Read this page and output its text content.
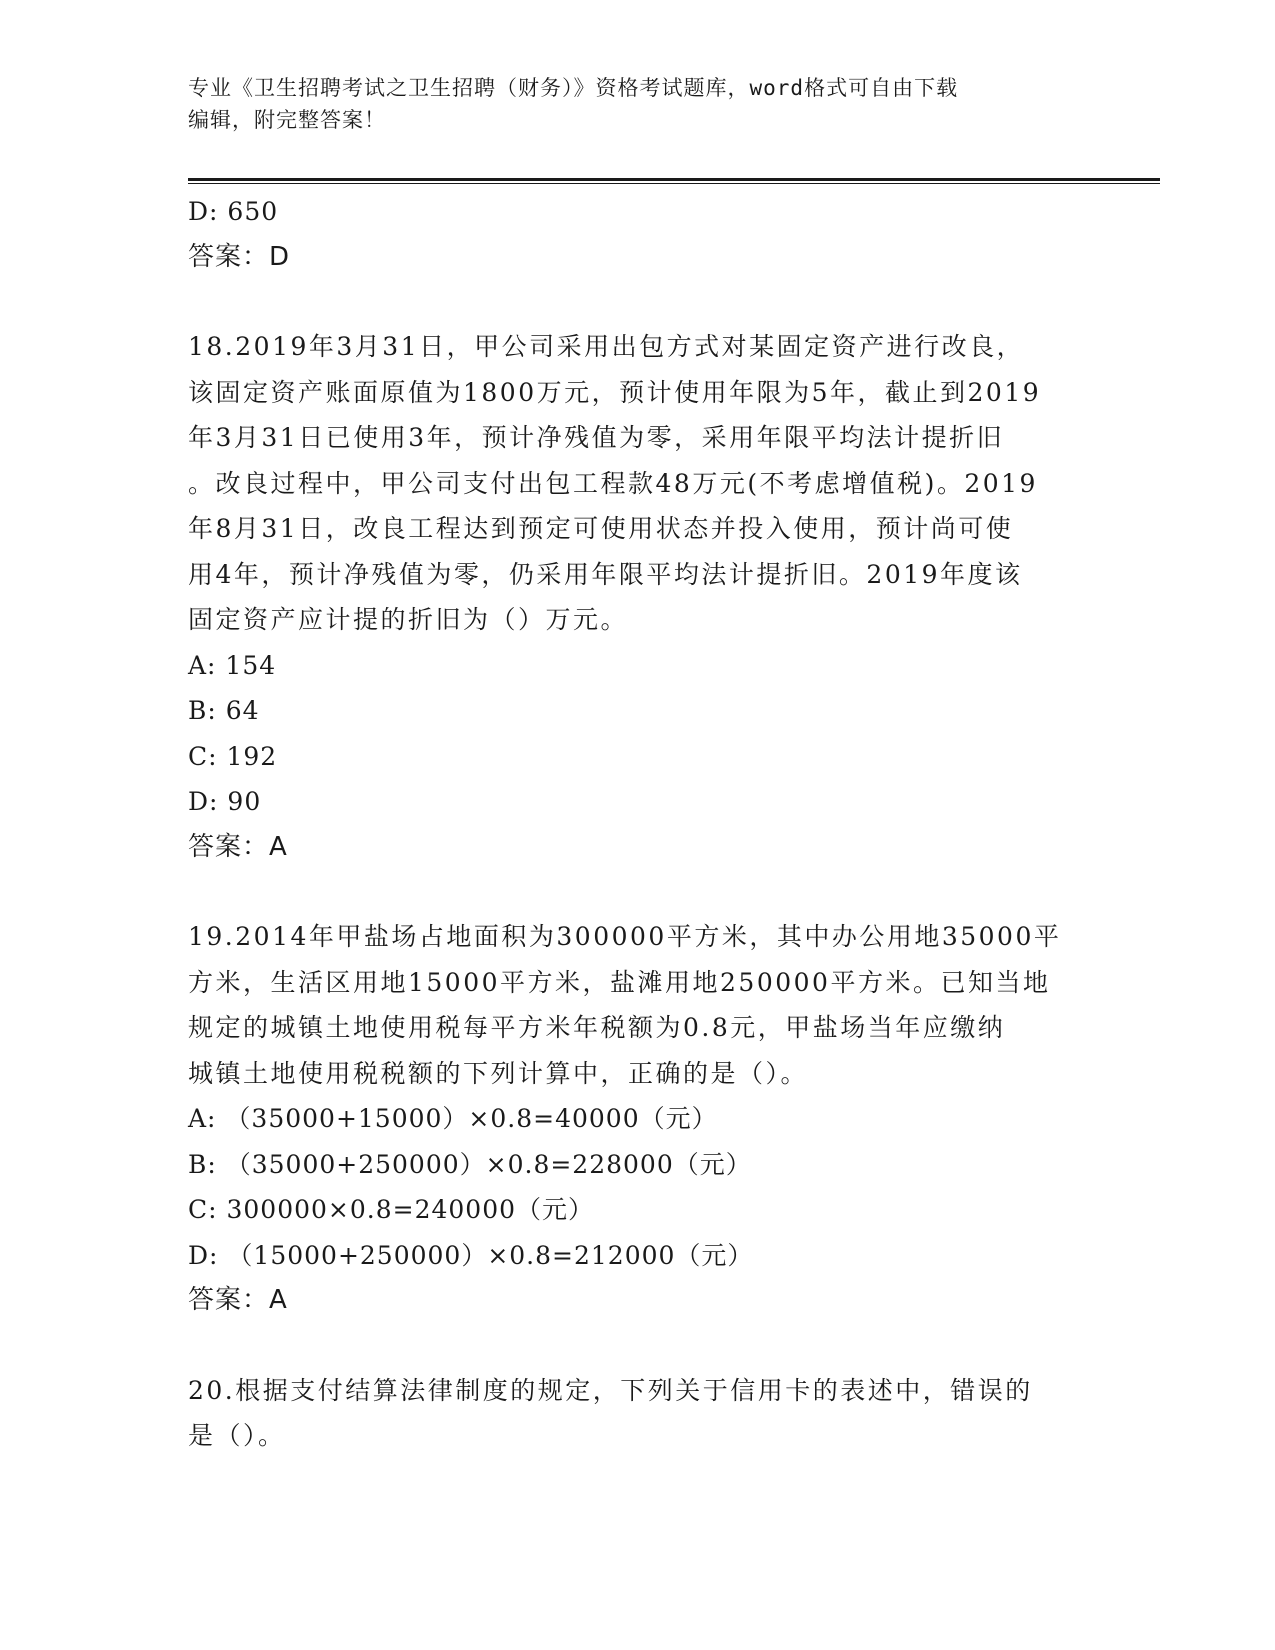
专业《卫生招聘考试之卫生招聘（财务）》资格考试题库，word格式可自由下载
编辑，附完整答案！
D: 650
答案：D
18.2019年3月31日，甲公司采用出包方式对某固定资产进行改良，
该固定资产账面原值为1800万元，预计使用年限为5年，截止到2019
年3月31日已使用3年，预计净残值为零，采用年限平均法计提折旧
。改良过程中，甲公司支付出包工程款48万元(不考虑增值税)。2019
年8月31日，改良工程达到预定可使用状态并投入使用，预计尚可使
用4年，预计净残值为零，仍采用年限平均法计提折旧。2019年度该
固定资产应计提的折旧为（）万元。
A: 154
B: 64
C: 192
D: 90
答案：A
19.2014年甲盐场占地面积为300000平方米，其中办公用地35000平
方米，生活区用地15000平方米，盐滩用地250000平方米。已知当地
规定的城镇土地使用税每平方米年税额为0.8元，甲盐场当年应缴纳
城镇土地使用税税额的下列计算中，正确的是（）。
A: （35000+15000）×0.8=40000（元）
B: （35000+250000）×0.8=228000（元）
C: 300000×0.8=240000（元）
D: （15000+250000）×0.8=212000（元）
答案：A
20.根据支付结算法律制度的规定，下列关于信用卡的表述中，错误的
是（）。
